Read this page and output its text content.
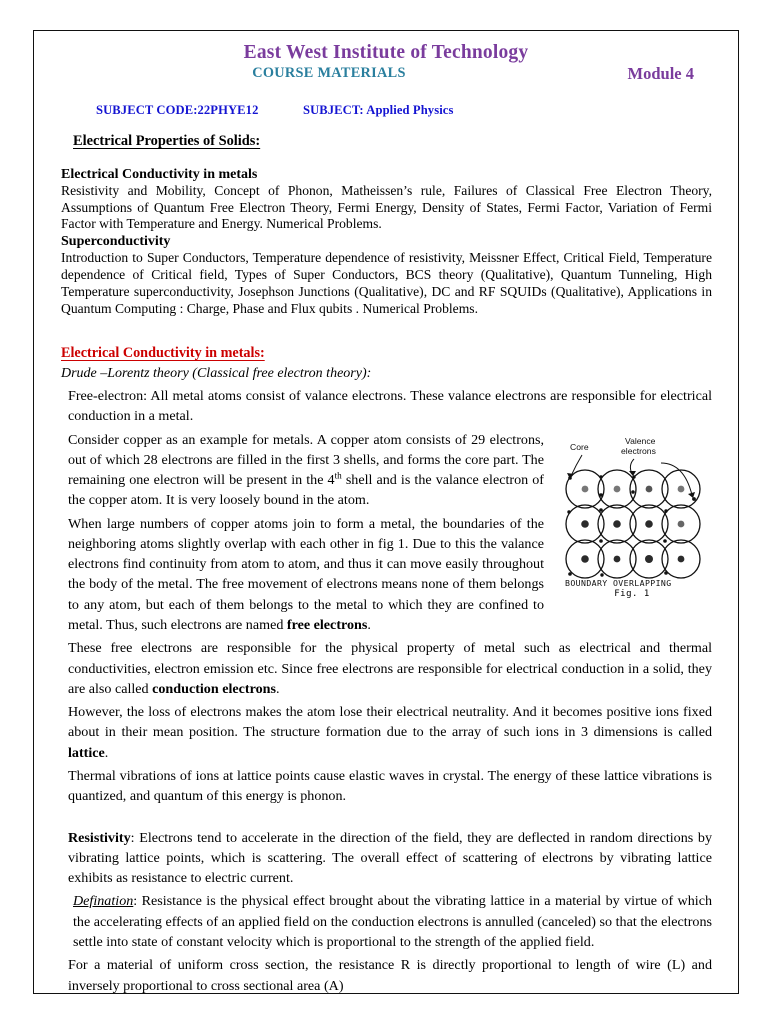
East West Institute of Technology
COURSE MATERIALS	Module 4
SUBJECT CODE:22PHYE12	SUBJECT: Applied Physics
Electrical Properties of Solids:
Electrical Conductivity in metals

Resistivity and Mobility, Concept of Phonon, Matheissen’s rule, Failures of Classical Free Electron Theory, Assumptions of Quantum Free Electron Theory, Fermi Energy, Density of States, Fermi Factor, Variation of Fermi Factor with Temperature and Energy. Numerical Problems.

Superconductivity

Introduction to Super Conductors, Temperature dependence of resistivity, Meissner Effect, Critical Field, Temperature dependence of Critical field, Types of Super Conductors, BCS theory (Qualitative), Quantum Tunneling, High Temperature superconductivity, Josephson Junctions (Qualitative), DC and RF SQUIDs (Qualitative), Applications in Quantum Computing : Charge, Phase and Flux qubits . Numerical Problems.

Electrical Conductivity in metals:
Drude –Lorentz theory (Classical free electron theory):

Free-electron: All metal atoms consist of valance electrons. These valance electrons are responsible for electrical conduction in a metal.

Core
Valence
electrons
BOUNDARY OVERLAPPING
Fig. 1

Consider copper as an example for metals. A copper atom consists of 29 electrons, out of which 28 electrons are filled in the first 3 shells, and forms the core part. The remaining one electron will be present in the 4th shell and is the valance electron of the copper atom. It is very loosely bound in the atom.

When large numbers of copper atoms join to form a metal, the boundaries of the neighboring atoms slightly overlap with each other in fig 1. Due to this the valance electrons find continuity from atom to atom, and thus it can move easily throughout the body of the metal. The free movement of electrons means none of them belongs to any atom, but each of them belongs to the metal to which they are confined to metal. Thus, such electrons are named free electrons.

These free electrons are responsible for the physical property of metal such as electrical and thermal conductivities, electron emission etc. Since free electrons are responsible for electrical conduction in a solid, they are also called conduction electrons.

However, the loss of electrons makes the atom lose their electrical neutrality. And it becomes positive ions fixed about in their mean position. The structure formation due to the array of such ions in 3 dimensions is called lattice.

Thermal vibrations of ions at lattice points cause elastic waves in crystal. The energy of these lattice vibrations is quantized, and quantum of this energy is phonon.

Resistivity: Electrons tend to accelerate in the direction of the field, they are deflected in random directions by vibrating lattice points, which is scattering. The overall effect of scattering of electrons by vibrating lattice exhibits as resistance to electric current.

Defination: Resistance is the physical effect brought about the vibrating lattice in a material by virtue of which the accelerating effects of an applied field on the conduction electrons is annulled (canceled) so that the electrons settle into state of constant velocity which is proportional to the strength of the applied field.

For a material of uniform cross section, the resistance R is directly proportional to length of wire (L) and inversely proportional to cross sectional area (A)
